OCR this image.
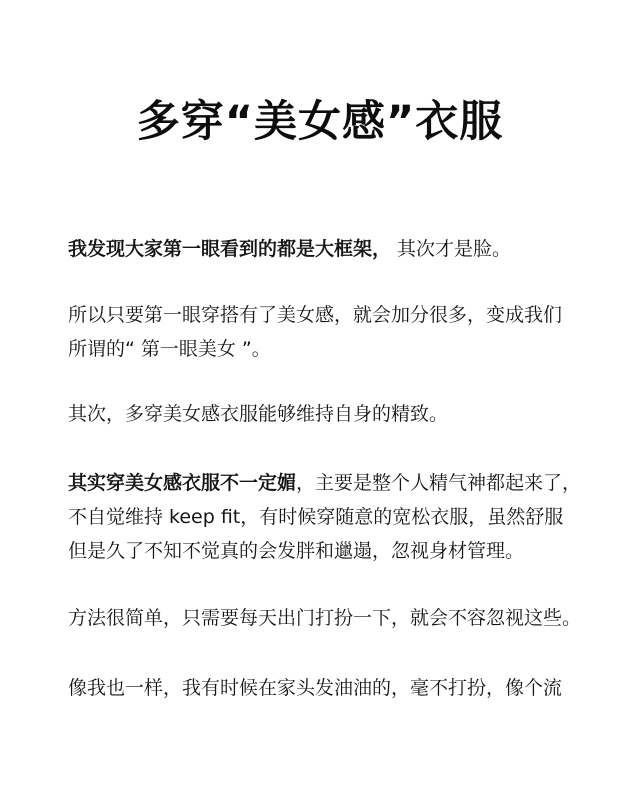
多穿“美女感”衣服
我发现大家第一眼看到的都是大框架， 其次才是脸。
所以只要第一眼穿搭有了美女感，就会加分很多，变成我们
所谓的“ 第一眼美女 ”。
其次，多穿美女感衣服能够维持自身的精致。
其实穿美女感衣服不一定媚，主要是整个人精气神都起来了，
不自觉维持 keep fit，有时候穿随意的宽松衣服，虽然舒服
但是久了不知不觉真的会发胖和邋遢，忽视身材管理。
方法很简单，只需要每天出门打扮一下，就会不容忽视这些。
像我也一样，我有时候在家头发油油的，毫不打扮，像个流
